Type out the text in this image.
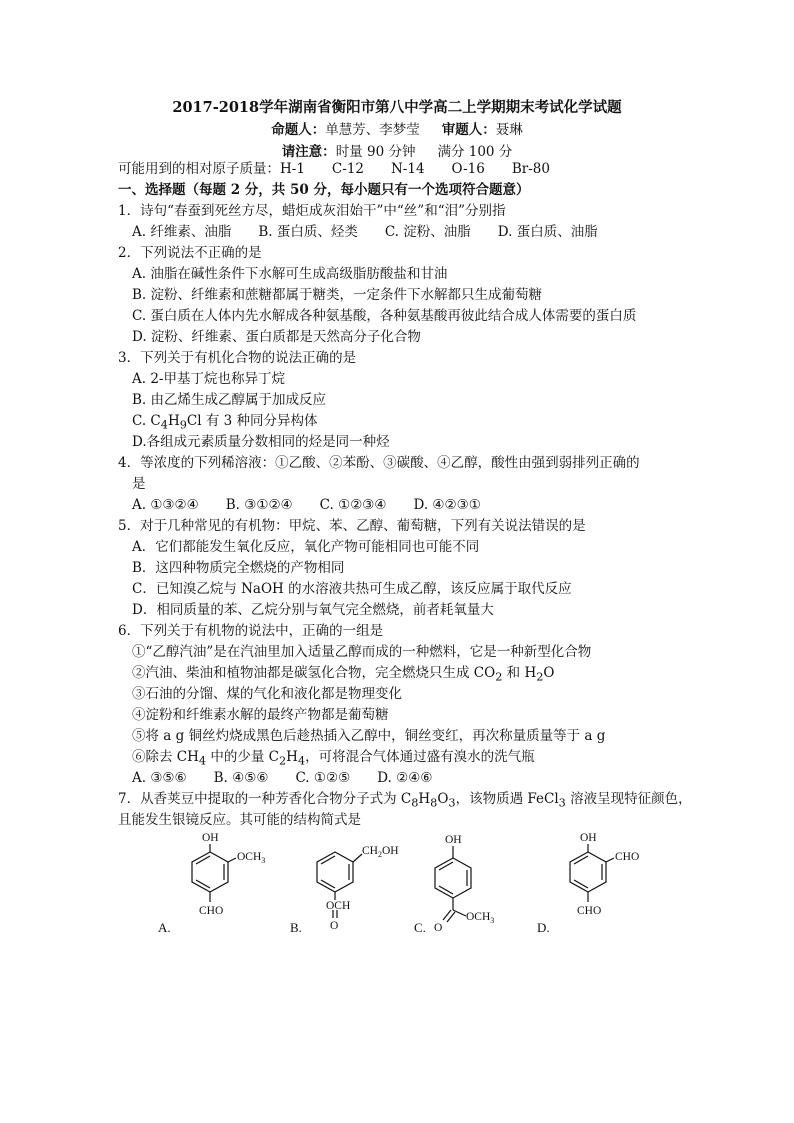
2017-2018学年湖南省衡阳市第八中学高二上学期期末考试化学试题
命题人：单慧芳、李梦莹 审题人：聂琳
请注意：时量 90 分钟 满分 100 分
可能用到的相对原子质量：H-1　　C-12　　N-14　　O-16　　Br-80
一、选择题（每题 2 分，共 50 分，每小题只有一个选项符合题意）
1．诗句“春蚕到死丝方尽，蜡炬成灰泪始干”中“丝”和“泪”分别指
A. 纤维素、油脂　　B. 蛋白质、烃类　　C. 淀粉、油脂　　D. 蛋白质、油脂
2．下列说法不正确的是
A. 油脂在碱性条件下水解可生成高级脂肪酸盐和甘油
B. 淀粉、纤维素和蔗糖都属于糖类，一定条件下水解都只生成葡萄糖
C. 蛋白质在人体内先水解成各种氨基酸，各种氨基酸再彼此结合成人体需要的蛋白质
D. 淀粉、纤维素、蛋白质都是天然高分子化合物
3．下列关于有机化合物的说法正确的是
A. 2-甲基丁烷也称异丁烷
B. 由乙烯生成乙醇属于加成反应
C. $C_4H_9Cl$ 有 3 种同分异构体
D.各组成元素质量分数相同的烃是同一种烃
4．等浓度的下列稀溶液：①乙酸、②苯酚、③碳酸、④乙醇，酸性由强到弱排列正确的
是
A. ①③②④　　B. ③①②④　　C. ①②③④　　D. ④②③①
5．对于几种常见的有机物：甲烷、苯、乙醇、葡萄糖，下列有关说法错误的是
A．它们都能发生氧化反应，氧化产物可能相同也可能不同
B．这四种物质完全燃烧的产物相同
C．已知溴乙烷与 NaOH 的水溶液共热可生成乙醇，该反应属于取代反应
D．相同质量的苯、乙烷分别与氧气完全燃烧，前者耗氧量大
6．下列关于有机物的说法中，正确的一组是
①“乙醇汽油”是在汽油里加入适量乙醇而成的一种燃料，它是一种新型化合物
②汽油、柴油和植物油都是碳氢化合物，完全燃烧只生成 $CO_2$ 和 $H_2O$
③石油的分馏、煤的气化和液化都是物理变化
④淀粉和纤维素水解的最终产物都是葡萄糖
⑤将 a g 铜丝灼烧成黑色后趁热插入乙醇中，铜丝变红，再次称量质量等于 a g
⑥除去 $CH_4$ 中的少量 $C_2H_4$，可将混合气体通过盛有溴水的洗气瓶
A. ③⑤⑥　　B. ④⑤⑥　　C. ①②⑤　　D. ②④⑥
7．从香荚豆中提取的一种芳香化合物分子式为 $C_8H_8O_3$，该物质遇 FeCl$_3$ 溶液呈现特征颜色，
且能发生银镜反应。其可能的结构简式是
OH
$OCH_3$
CHO
A.
$CH_2OH$
OCH
O
B.
OH
$OCH_3$
O
C.
OH
CHO
CHO
D.
